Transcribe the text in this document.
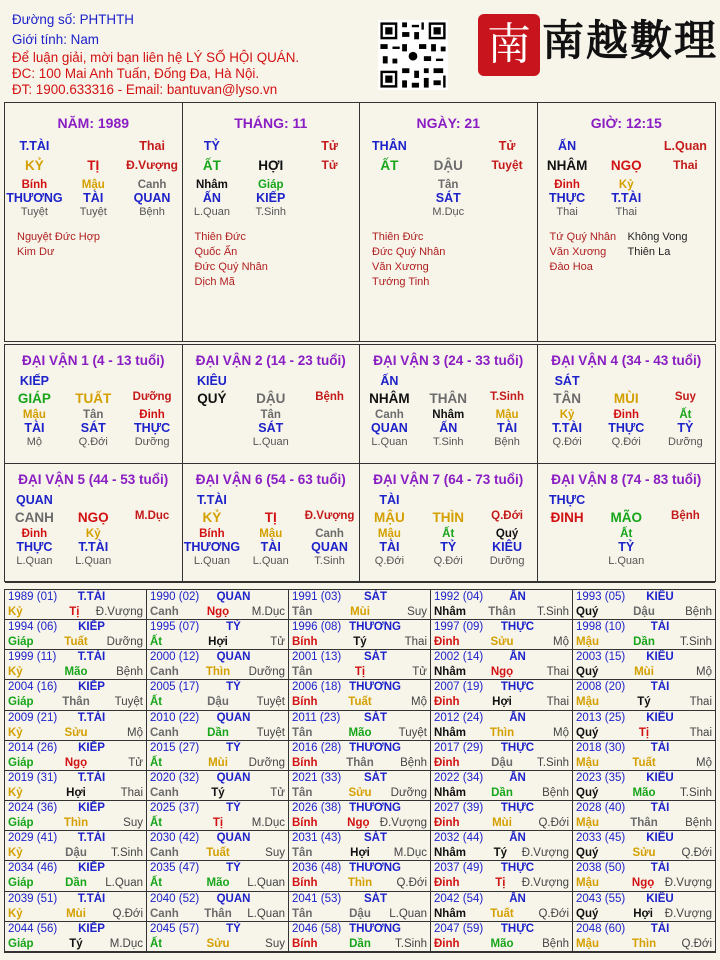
Đường số: PHTHTH
Giới tính: Nam
Để luận giải, mời bạn liên hệ LÝ SỐ HỘI QUÁN.
ĐC: 100 Mai Anh Tuấn, Đống Đa, Hà Nội.
ĐT: 1900.633316 - Email: bantuvan@lyso.vn
南 南越數理
NĂM: 1989
T.TÀI	Thai
KỶ	TỊ	Đ.Vượng
Bính	Mậu	Canh
THƯƠNG	TÀI	QUAN
Tuyệt	Tuyệt	Bệnh
Nguyệt Đức Hợp
Kim Dư
THÁNG: 11
TỶ	Tử
ẤT	HỢI	Tử
Nhâm	Giáp
ẤN	KIẾP
L.Quan	T.Sinh
Thiên Đức
Quốc Ấn
Đức Quý Nhân
Dịch Mã
NGÀY: 21
THÂN	Tử
ẤT	DẬU	Tuyệt
Tân
SÁT
M.Dục
Thiên Đức
Đức Quý Nhân
Văn Xương
Tướng Tinh
GIỜ: 12:15
ẤN	L.Quan
NHÂM	NGỌ	Thai
Đinh	Kỷ
THỰC	T.TÀI
Thai	Thai
Tứ Quý Nhân	Không Vong
Văn Xương	Thiên La
Đào Hoa
ĐẠI VẬN 1 (4 - 13 tuổi)
KIẾP
GIÁP	TUẤT	Dưỡng
Mậu	Tân	Đinh
TÀI	SÁT	THỰC
Mộ	Q.Đới	Dưỡng
ĐẠI VẬN 2 (14 - 23 tuổi)
KIÊU
QUÝ	DẬU	Bệnh
Tân
SÁT
L.Quan
ĐẠI VẬN 3 (24 - 33 tuổi)
ẤN
NHÂM	THÂN	T.Sinh
Canh	Nhâm	Mậu
QUAN	ẤN	TÀI
L.Quan	T.Sinh	Bệnh
ĐẠI VẬN 4 (34 - 43 tuổi)
SÁT
TÂN	MÙI	Suy
Kỷ	Đinh	Ất
T.TÀI	THỰC	TỶ
Q.Đới	Q.Đới	Dưỡng
ĐẠI VẬN 5 (44 - 53 tuổi)
QUAN
CANH	NGỌ	M.Dục
Đinh	Kỷ
THỰC	T.TÀI
L.Quan	L.Quan
ĐẠI VẬN 6 (54 - 63 tuổi)
T.TÀI
KỶ	TỊ	Đ.Vượng
Bính	Mậu	Canh
THƯƠNG	TÀI	QUAN
L.Quan	L.Quan	T.Sinh
ĐẠI VẬN 7 (64 - 73 tuổi)
TÀI
MẬU	THÌN	Q.Đới
Mậu	Ất	Quý
TÀI	TỶ	KIÊU
Q.Đới	Q.Đới	Dưỡng
ĐẠI VẬN 8 (74 - 83 tuổi)
THỰC
ĐINH	MÃO	Bệnh
Ất
TỶ
L.Quan
1989 (01)	T.TÀI
Kỷ	Tị	Đ.Vượng
1990 (02)	QUAN
Canh	Ngọ	M.Dục
1991 (03)	SÁT
Tân	Mùi	Suy
1992 (04)	ẤN
Nhâm	Thân	T.Sinh
1993 (05)	KIÊU
Quý	Dậu	Bệnh
1994 (06)	KIẾP
Giáp	Tuất	Dưỡng
1995 (07)	TỶ
Ất	Hợi	Tử
1996 (08) THƯƠNG
Bính	Tý	Thai
1997 (09)	THỰC
Đinh	Sửu	Mộ
1998 (10)	TÀI
Mậu	Dần	T.Sinh
1999 (11)	T.TÀI
Kỷ	Mão	Bệnh
2000 (12)	QUAN
Canh	Thìn	Dưỡng
2001 (13)	SÁT
Tân	Tị	Tử
2002 (14)	ẤN
Nhâm	Ngọ	Thai
2003 (15)	KIÊU
Quý	Mùi	Mộ
2004 (16)	KIẾP
Giáp	Thân	Tuyệt
2005 (17)	TỶ
Ất	Dậu	Tuyệt
2006 (18) THƯƠNG
Bính	Tuất	Mộ
2007 (19)	THỰC
Đinh	Hợi	Thai
2008 (20)	TÀI
Mậu	Tý	Thai
2009 (21)	T.TÀI
Kỷ	Sửu	Mộ
2010 (22)	QUAN
Canh	Dần	Tuyệt
2011 (23)	SÁT
Tân	Mão	Tuyệt
2012 (24)	ẤN
Nhâm	Thìn	Mộ
2013 (25)	KIÊU
Quý	Tị	Thai
2014 (26)	KIẾP
Giáp	Ngọ	Tử
2015 (27)	TỶ
Ất	Mùi	Dưỡng
2016 (28) THƯƠNG
Bính	Thân	Bệnh
2017 (29)	THỰC
Đinh	Dậu	T.Sinh
2018 (30)	TÀI
Mậu	Tuất	Mộ
2019 (31)	T.TÀI
Kỷ	Hợi	Thai
2020 (32)	QUAN
Canh	Tý	Tử
2021 (33)	SÁT
Tân	Sửu	Dưỡng
2022 (34)	ẤN
Nhâm	Dần	Bệnh
2023 (35)	KIÊU
Quý	Mão	T.Sinh
2024 (36)	KIẾP
Giáp	Thìn	Suy
2025 (37)	TỶ
Ất	Tị	M.Dục
2026 (38) THƯƠNG
Bính	Ngọ Đ.Vượng
2027 (39)	THỰC
Đinh	Mùi	Q.Đới
2028 (40)	TÀI
Mậu	Thân	Bệnh
2029 (41)	T.TÀI
Kỷ	Dậu	T.Sinh
2030 (42)	QUAN
Canh	Tuất	Suy
2031 (43)	SÁT
Tân	Hợi	M.Dục
2032 (44)	ẤN
Nhâm	Tý	Đ.Vượng
2033 (45)	KIÊU
Quý	Sửu	Q.Đới
2034 (46)	KIẾP
Giáp	Dần	L.Quan
2035 (47)	TỶ
Ất	Mão	L.Quan
2036 (48) THƯƠNG
Bính	Thìn	Q.Đới
2037 (49)	THỰC
Đinh	Tị	Đ.Vượng
2038 (50)	TÀI
Mậu	Ngọ Đ.Vượng
2039 (51)	T.TÀI
Kỷ	Mùi	Q.Đới
2040 (52)	QUAN
Canh	Thân	L.Quan
2041 (53)	SÁT
Tân	Dậu	L.Quan
2042 (54)	ẤN
Nhâm	Tuất	Q.Đới
2043 (55)	KIÊU
Quý	Hợi	Đ.Vượng
2044 (56)	KIẾP
Giáp	Tý	M.Dục
2045 (57)	TỶ
Ất	Sửu	Suy
2046 (58) THƯƠNG
Bính	Dần	T.Sinh
2047 (59)	THỰC
Đinh	Mão	Bệnh
2048 (60)	TÀI
Mậu	Thìn	Q.Đới
